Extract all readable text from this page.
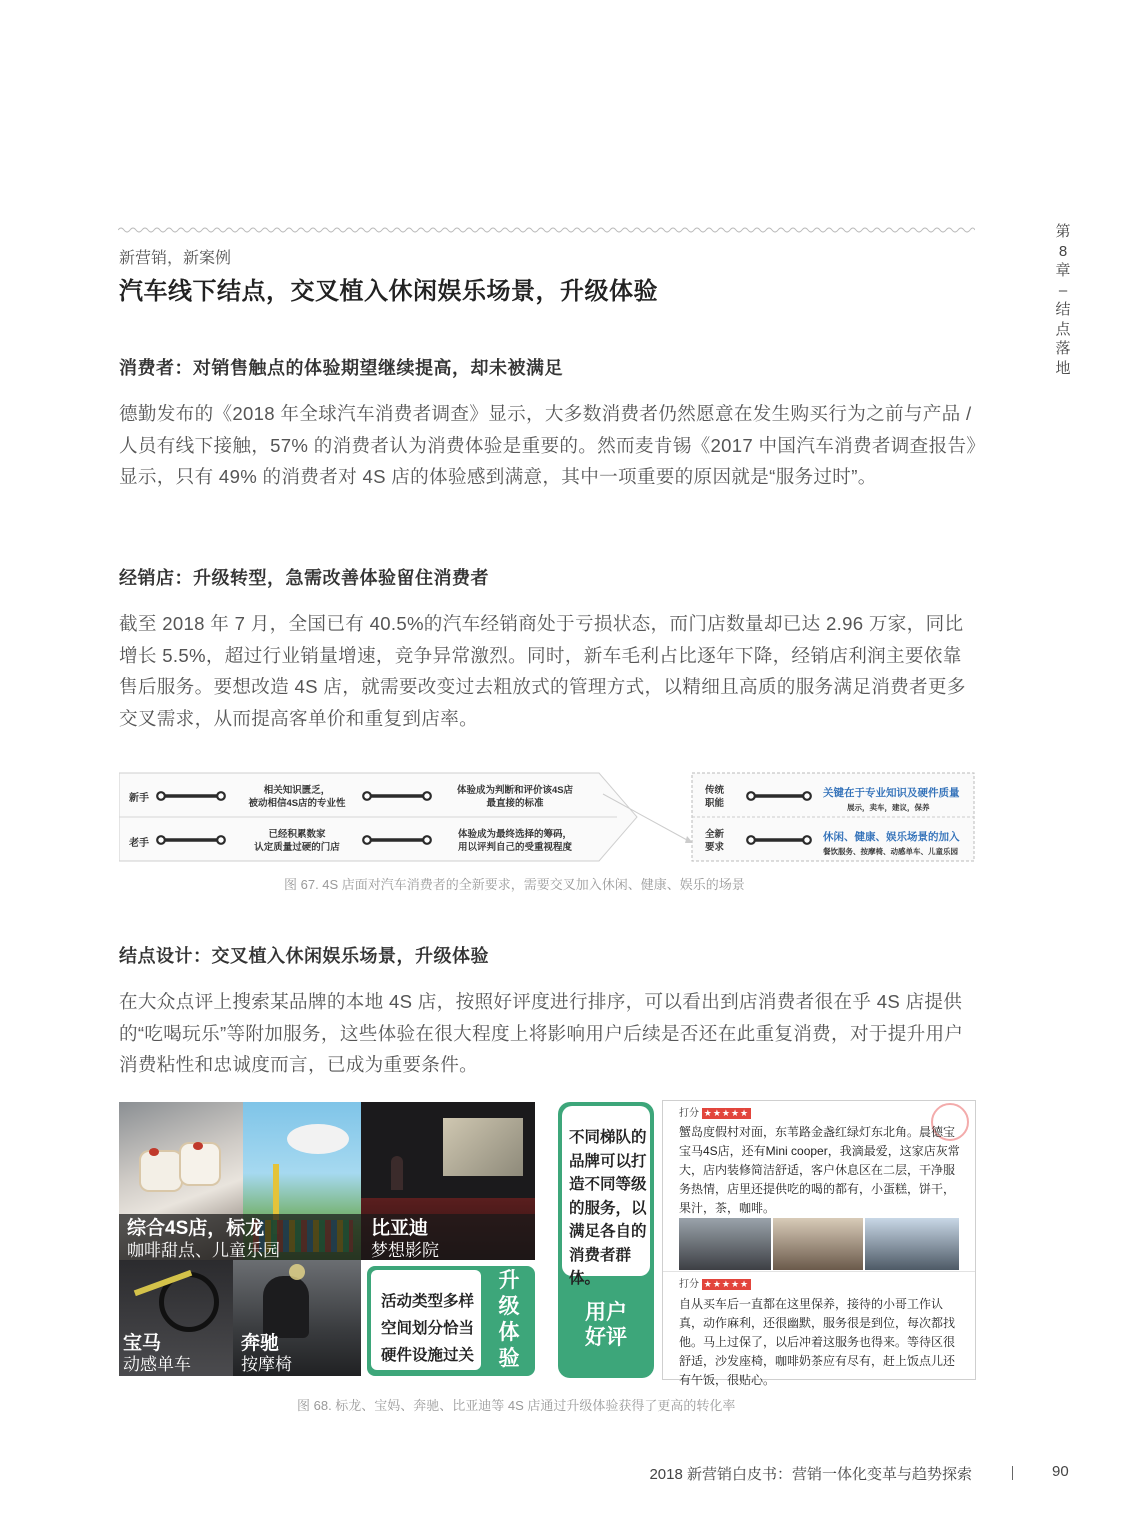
第
8
章
–
结
点
落
地
新营销，新案例
汽车线下结点，交叉植入休闲娱乐场景，升级体验
消费者：对销售触点的体验期望继续提高，却未被满足
德勤发布的《2018 年全球汽车消费者调查》显示，大多数消费者仍然愿意在发生购买行为之前与产品 / 人员有线下接触，57% 的消费者认为消费体验是重要的。然而麦肯锡《2017 中国汽车消费者调查报告》显示，只有 49% 的消费者对 4S 店的体验感到满意，其中一项重要的原因就是“服务过时”。
经销店：升级转型，急需改善体验留住消费者
截至 2018 年 7 月，全国已有 40.5%的汽车经销商处于亏损状态，而门店数量却已达 2.96 万家，同比增长 5.5%，超过行业销量增速，竞争异常激烈。同时，新车毛利占比逐年下降，经销店利润主要依靠售后服务。要想改造 4S 店，就需要改变过去粗放式的管理方式，以精细且高质的服务满足消费者更多交叉需求，从而提高客单价和重复到店率。
新手
老手
相关知识匮乏，
被动相信4S店的专业性
体验成为判断和评价该4S店
最直接的标准
已经积累数家
认定质量过硬的门店
体验成为最终选择的筹码，
用以评判自己的受重视程度
传统
职能
全新
要求
关键在于专业知识及硬件质量
展示，卖车，建议，保养
休闲、健康、娱乐场景的加入
餐饮服务、按摩椅、动感单车、儿童乐园
图 67. 4S 店面对汽车消费者的全新要求，需要交叉加入休闲、健康、娱乐的场景
结点设计：交叉植入休闲娱乐场景，升级体验
在大众点评上搜索某品牌的本地 4S 店，按照好评度进行排序，可以看出到店消费者很在乎 4S 店提供的“吃喝玩乐”等附加服务，这些体验在很大程度上将影响用户后续是否还在此重复消费，对于提升用户消费粘性和忠诚度而言，已成为重要条件。
综合4S店，标龙
咖啡甜点、儿童乐园
比亚迪
梦想影院
宝马
动感单车
奔驰
按摩椅
活动类型多样
空间划分恰当
硬件设施过关
升
级
体
验
不同梯队的品牌可以打造不同等级的服务，以满足各自的消费者群体。
用户
好评
打分 ★★★★★
蟹岛度假村对面，东苇路金盏红绿灯东北角。晨德宝宝马4S店，还有Mini cooper，我滴最爱，这家店灰常大，店内装修简洁舒适，客户休息区在二层，干净服务热情，店里还提供吃的喝的都有，小蛋糕，饼干，果汁，茶，咖啡。
打分 ★★★★★
自从买车后一直都在这里保养，接待的小哥工作认真，动作麻利，还很幽默，服务很是到位，每次都找他。马上过保了，以后冲着这服务也得来。等待区很舒适，沙发座椅，咖啡奶茶应有尽有，赶上饭点儿还有午饭，很贴心。
图 68. 标龙、宝妈、奔驰、比亚迪等 4S 店通过升级体验获得了更高的转化率
2018 新营销白皮书：营销一体化变革与趋势探索	90
